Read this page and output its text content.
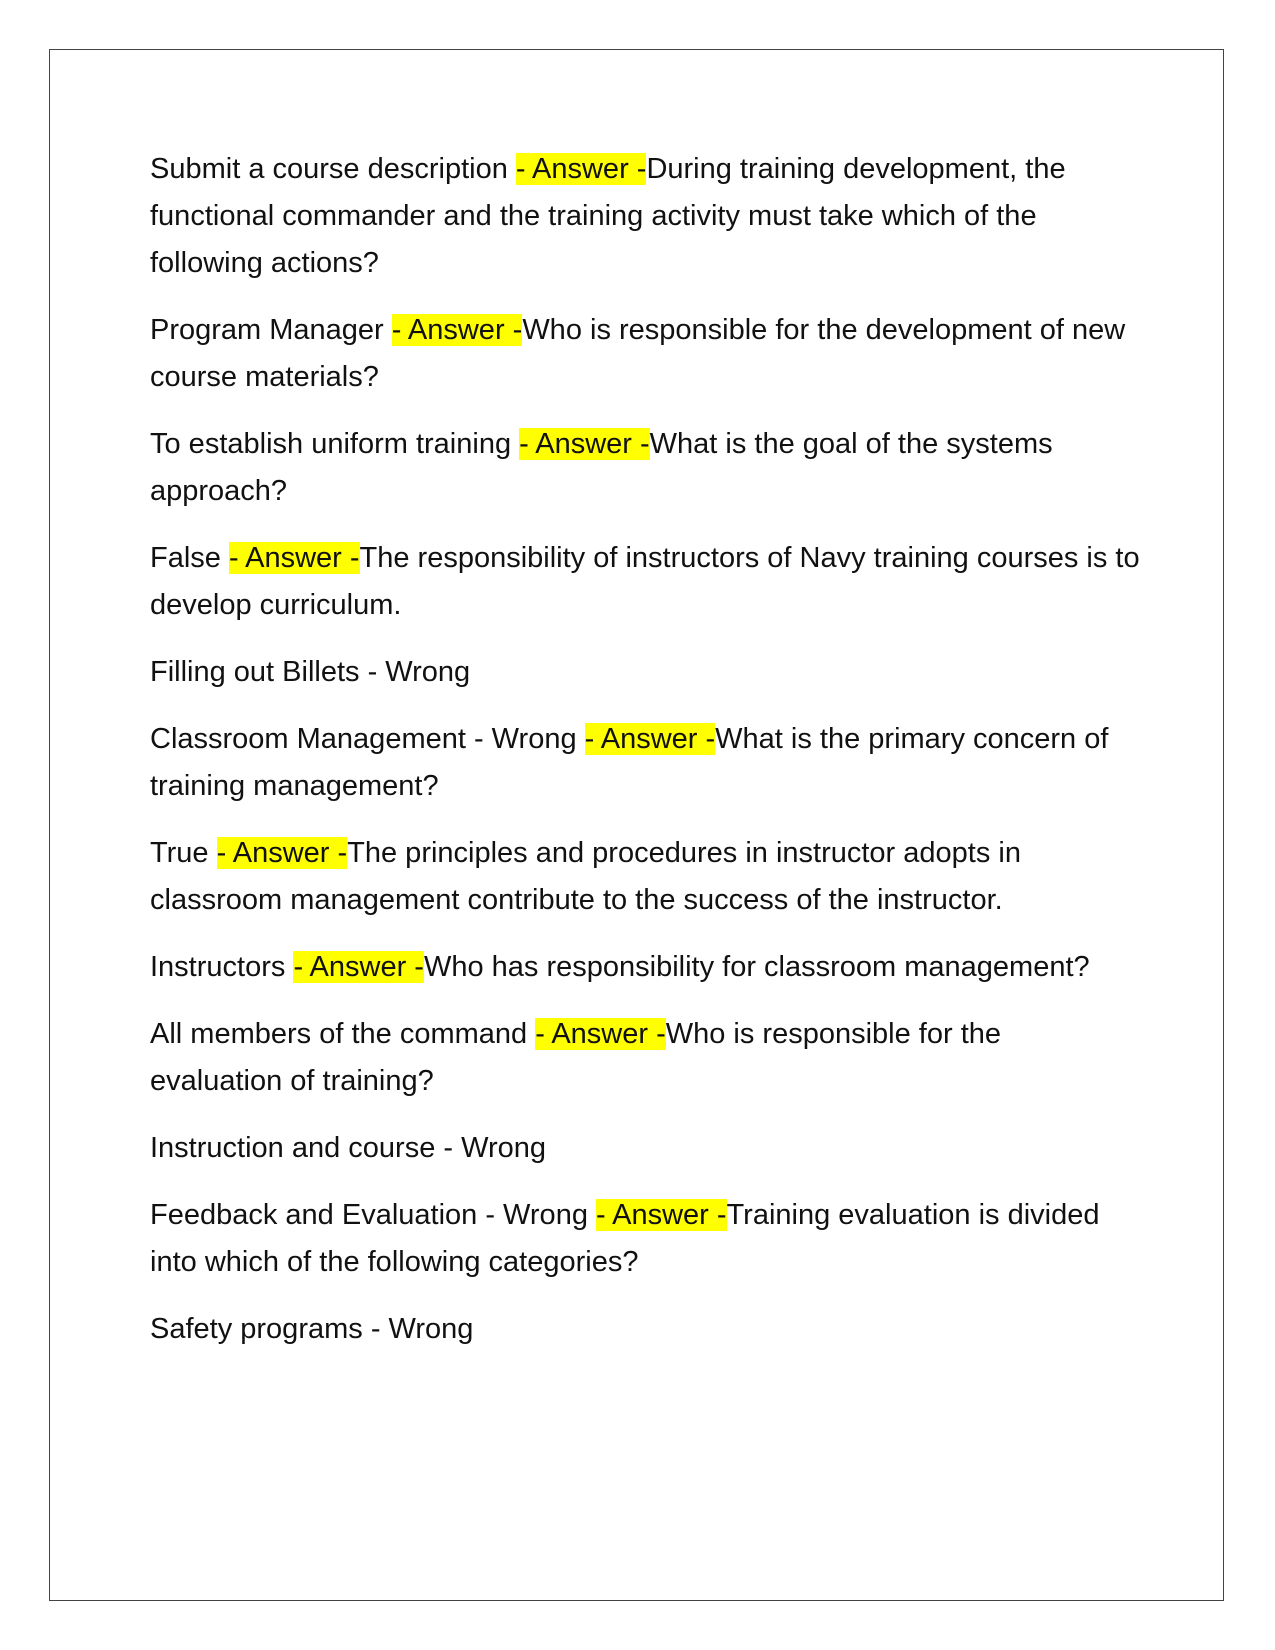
Submit a course description - Answer -During training development, the functional commander and the training activity must take which of the following actions?

Program Manager - Answer -Who is responsible for the development of new course materials?

To establish uniform training - Answer -What is the goal of the systems approach?

False - Answer -The responsibility of instructors of Navy training courses is to develop curriculum.

Filling out Billets - Wrong

Classroom Management - Wrong - Answer -What is the primary concern of training management?

True - Answer -The principles and procedures in instructor adopts in classroom management contribute to the success of the instructor.

Instructors - Answer -Who has responsibility for classroom management?

All members of the command - Answer -Who is responsible for the evaluation of training?

Instruction and course - Wrong

Feedback and Evaluation - Wrong - Answer -Training evaluation is divided into which of the following categories?

Safety programs - Wrong
